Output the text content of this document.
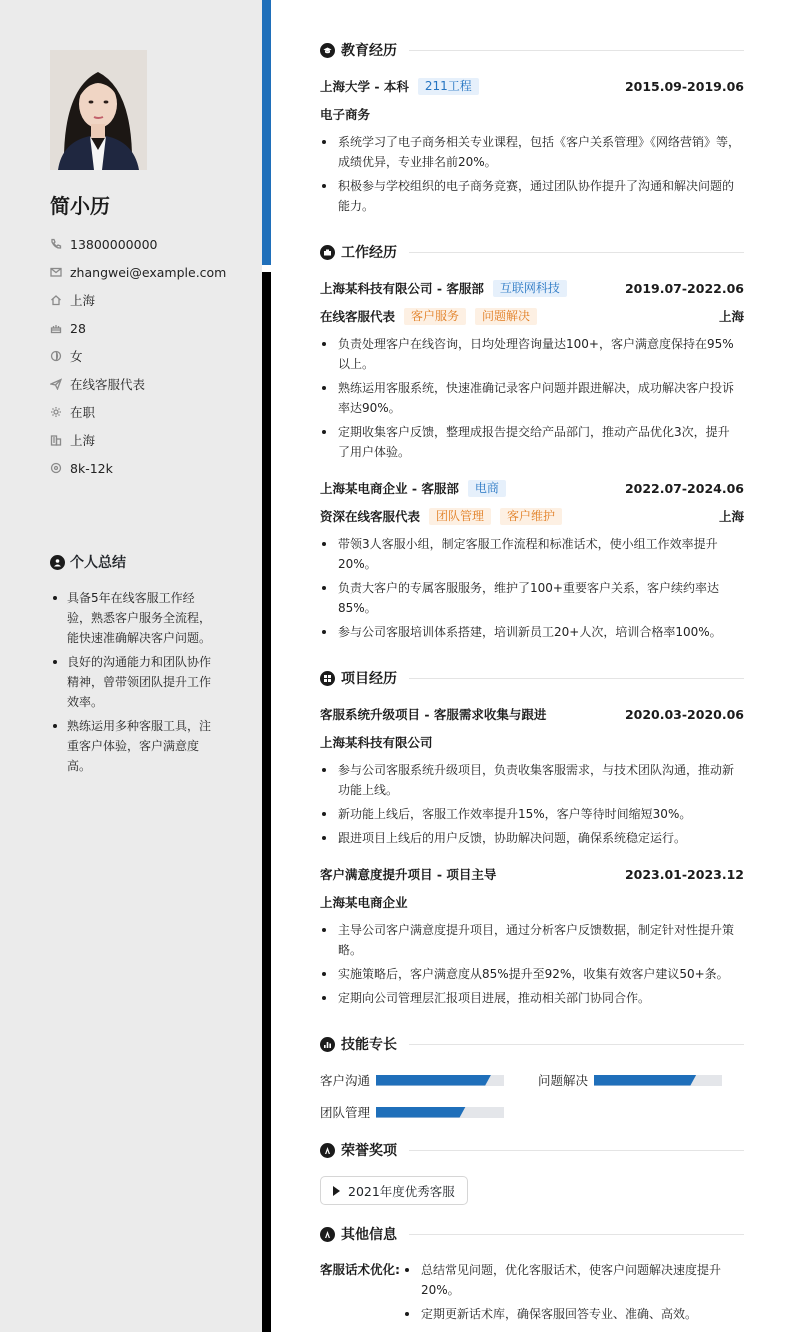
简小历
13800000000
zhangwei@example.com
上海
28
女
在线客服代表
在职
上海
8k-12k
个人总结
具备5年在线客服工作经验，熟悉客户服务全流程，能快速准确解决客户问题。
良好的沟通能力和团队协作精神，曾带领团队提升工作效率。
熟练运用多种客服工具，注重客户体验，客户满意度高。
教育经历
上海大学 - 本科	211工程	2015.09-2019.06
电子商务
系统学习了电子商务相关专业课程，包括《客户关系管理》《网络营销》等，成绩优异，专业排名前20%。
积极参与学校组织的电子商务竞赛，通过团队协作提升了沟通和解决问题的能力。
工作经历
上海某科技有限公司 - 客服部	互联网科技	2019.07-2022.06
在线客服代表	客户服务	问题解决	上海
负责处理客户在线咨询，日均处理咨询量达100+，客户满意度保持在95%以上。
熟练运用客服系统，快速准确记录客户问题并跟进解决，成功解决客户投诉率达90%。
定期收集客户反馈，整理成报告提交给产品部门，推动产品优化3次，提升了用户体验。
上海某电商企业 - 客服部	电商	2022.07-2024.06
资深在线客服代表	团队管理	客户维护	上海
带领3人客服小组，制定客服工作流程和标准话术，使小组工作效率提升20%。
负责大客户的专属客服服务，维护了100+重要客户关系，客户续约率达85%。
参与公司客服培训体系搭建，培训新员工20+人次，培训合格率100%。
项目经历
客服系统升级项目 - 客服需求收集与跟进	2020.03-2020.06
上海某科技有限公司
参与公司客服系统升级项目，负责收集客服需求，与技术团队沟通，推动新功能上线。
新功能上线后，客服工作效率提升15%，客户等待时间缩短30%。
跟进项目上线后的用户反馈，协助解决问题，确保系统稳定运行。
客户满意度提升项目 - 项目主导	2023.01-2023.12
上海某电商企业
主导公司客户满意度提升项目，通过分析客户反馈数据，制定针对性提升策略。
实施策略后，客户满意度从85%提升至92%，收集有效客户建议50+条。
定期向公司管理层汇报项目进展，推动相关部门协同合作。
技能专长
客户沟通	问题解决
团队管理
荣誉奖项
2021年度优秀客服
其他信息
客服话术优化:	总结常见问题，优化客服话术，使客户问题解决速度提升20%。
定期更新话术库，确保客服回答专业、准确、高效。
